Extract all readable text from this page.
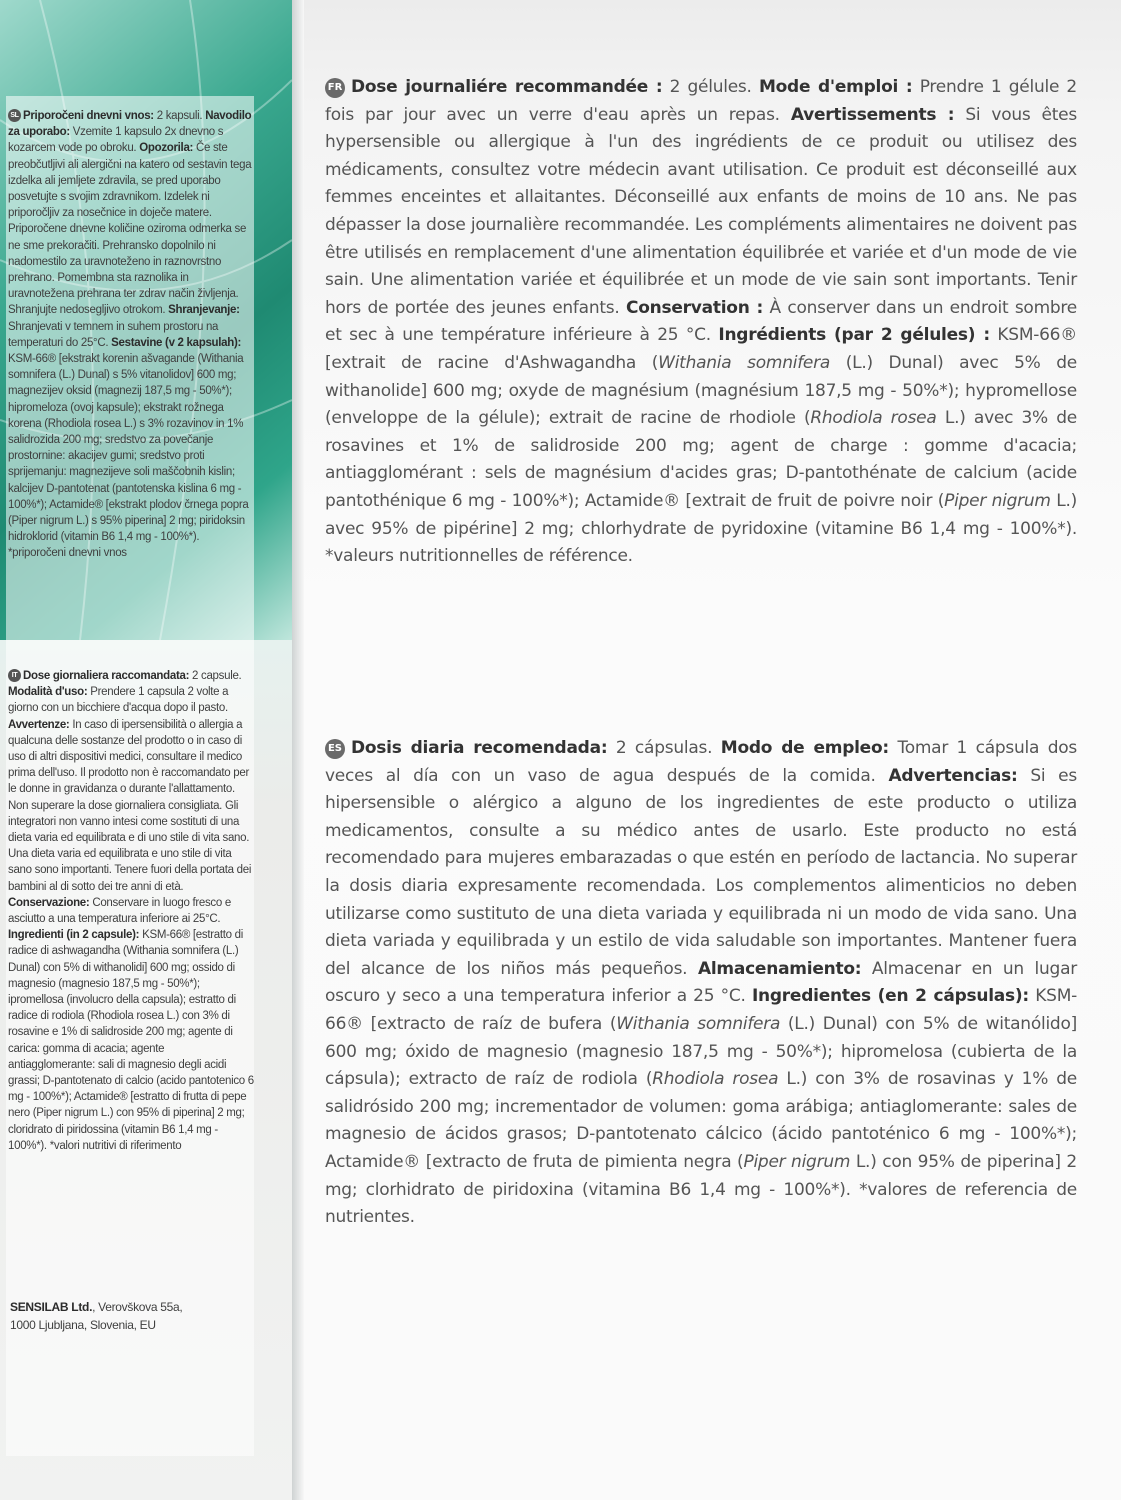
SL Priporočeni dnevni vnos: 2 kapsuli. Navodilo za uporabo: Vzemite 1 kapsulo 2x dnevno s kozarcem vode po obroku. Opozorila: Če ste preobčutljivi ali alergični na katero od sestavin tega izdelka ali jemljete zdravila, se pred uporabo posvetujte s svojim zdravnikom. Izdelek ni priporočljiv za nosečnice in doječe matere. Priporočene dnevne količine oziroma odmerka se ne sme prekoračiti. Prehransko dopolnilo ni nadomestilo za uravnoteženo in raznovrstno prehrano. Pomembna sta raznolika in uravnotežena prehrana ter zdrav način življenja. Shranjujte nedosegljivo otrokom. Shranjevanje: Shranjevati v temnem in suhem prostoru na temperaturi do 25°C. Sestavine (v 2 kapsulah): KSM-66® [ekstrakt korenin ašvagande (Withania somnifera (L.) Dunal) s 5% vitanolidov] 600 mg; magnezijev oksid (magnezij 187,5 mg - 50%*); hipromeloza (ovoj kapsule); ekstrakt rožnega korena (Rhodiola rosea L.) s 3% rozavinov in 1% salidrozida 200 mg; sredstvo za povečanje prostornine: akacijev gumi; sredstvo proti sprijemanju: magnezijeve soli maščobnih kislin; kalcijev D-pantotenat (pantotenska kislina 6 mg - 100%*); Actamide® [ekstrakt plodov črnega popra (Piper nigrum L.) s 95% piperina] 2 mg; piridoksin hidroklorid (vitamin B6 1,4 mg - 100%*). *priporočeni dnevni vnos
IT Dose giornaliera raccomandata: 2 capsule. Modalità d'uso: Prendere 1 capsula 2 volte a giorno con un bicchiere d'acqua dopo il pasto. Avvertenze: In caso di ipersensibilità o allergia a qualcuna delle sostanze del prodotto o in caso di uso di altri dispositivi medici, consultare il medico prima dell'uso. Il prodotto non è raccomandato per le donne in gravidanza o durante l'allattamento. Non superare la dose giornaliera consigliata. Gli integratori non vanno intesi come sostituti di una dieta varia ed equilibrata e di uno stile di vita sano. Una dieta varia ed equilibrata e uno stile di vita sano sono importanti. Tenere fuori della portata dei bambini al di sotto dei tre anni di età. Conservazione: Conservare in luogo fresco e asciutto a una temperatura inferiore ai 25°C. Ingredienti (in 2 capsule): KSM-66® [estratto di radice di ashwagandha (Withania somnifera (L.) Dunal) con 5% di withanolidi] 600 mg; ossido di magnesio (magnesio 187,5 mg - 50%*); ipromellosa (involucro della capsula); estratto di radice di rodiola (Rhodiola rosea L.) con 3% di rosavine e 1% di salidroside 200 mg; agente di carica: gomma di acacia; agente antiagglomerante: sali di magnesio degli acidi grassi; D-pantotenato di calcio (acido pantotenico 6 mg - 100%*); Actamide® [estratto di frutta di pepe nero (Piper nigrum L.) con 95% di piperina] 2 mg; cloridrato di piridossina (vitamin B6 1,4 mg - 100%*). *valori nutritivi di riferimento
SENSILAB Ltd., Verovškova 55a,
1000 Ljubljana, Slovenia, EU
FR Dose journaliére recommandée : 2 gélules. Mode d'emploi : Prendre 1 gélule 2 fois par jour avec un verre d'eau après un repas. Avertissements : Si vous êtes hypersensible ou allergique à l'un des ingrédients de ce produit ou utilisez des médicaments, consultez votre médecin avant utilisation. Ce produit est déconseillé aux femmes enceintes et allaitantes. Déconseillé aux enfants de moins de 10 ans. Ne pas dépasser la dose journalière recommandée. Les compléments alimentaires ne doivent pas être utilisés en remplacement d'une alimentation équilibrée et variée et d'un mode de vie sain. Une alimentation variée et équilibrée et un mode de vie sain sont importants. Tenir hors de portée des jeunes enfants. Conservation : À conserver dans un endroit sombre et sec à une température inférieure à 25 °C. Ingrédients (par 2 gélules) : KSM-66® [extrait de racine d'Ashwagandha (Withania somnifera (L.) Dunal) avec 5% de withanolide] 600 mg; oxyde de magnésium (magnésium 187,5 mg - 50%*); hypromellose (enveloppe de la gélule); extrait de racine de rhodiole (Rhodiola rosea L.) avec 3% de rosavines et 1% de salidroside 200 mg; agent de charge : gomme d'acacia; antiagglomérant : sels de magnésium d'acides gras; D-pantothénate de calcium (acide pantothénique 6 mg - 100%*); Actamide® [extrait de fruit de poivre noir (Piper nigrum L.) avec 95% de pipérine] 2 mg; chlorhydrate de pyridoxine (vitamine B6 1,4 mg - 100%*). *valeurs nutritionnelles de référence.
ES Dosis diaria recomendada: 2 cápsulas. Modo de empleo: Tomar 1 cápsula dos veces al día con un vaso de agua después de la comida. Advertencias: Si es hipersensible o alérgico a alguno de los ingredientes de este producto o utiliza medicamentos, consulte a su médico antes de usarlo. Este producto no está recomendado para mujeres embarazadas o que estén en período de lactancia. No superar la dosis diaria expresamente recomendada. Los complementos alimenticios no deben utilizarse como sustituto de una dieta variada y equilibrada ni un modo de vida sano. Una dieta variada y equilibrada y un estilo de vida saludable son importantes. Mantener fuera del alcance de los niños más pequeños. Almacenamiento: Almacenar en un lugar oscuro y seco a una temperatura inferior a 25 °C. Ingredientes (en 2 cápsulas): KSM-66® [extracto de raíz de bufera (Withania somnifera (L.) Dunal) con 5% de witanólido] 600 mg; óxido de magnesio (magnesio 187,5 mg - 50%*); hipromelosa (cubierta de la cápsula); extracto de raíz de rodiola (Rhodiola rosea L.) con 3% de rosavinas y 1% de salidrósido 200 mg; incrementador de volumen: goma arábiga; antiaglomerante: sales de magnesio de ácidos grasos; D-pantotenato cálcico (ácido pantoténico 6 mg - 100%*); Actamide® [extracto de fruta de pimienta negra (Piper nigrum L.) con 95% de piperina] 2 mg; clorhidrato de piridoxina (vitamina B6 1,4 mg - 100%*). *valores de referencia de nutrientes.
